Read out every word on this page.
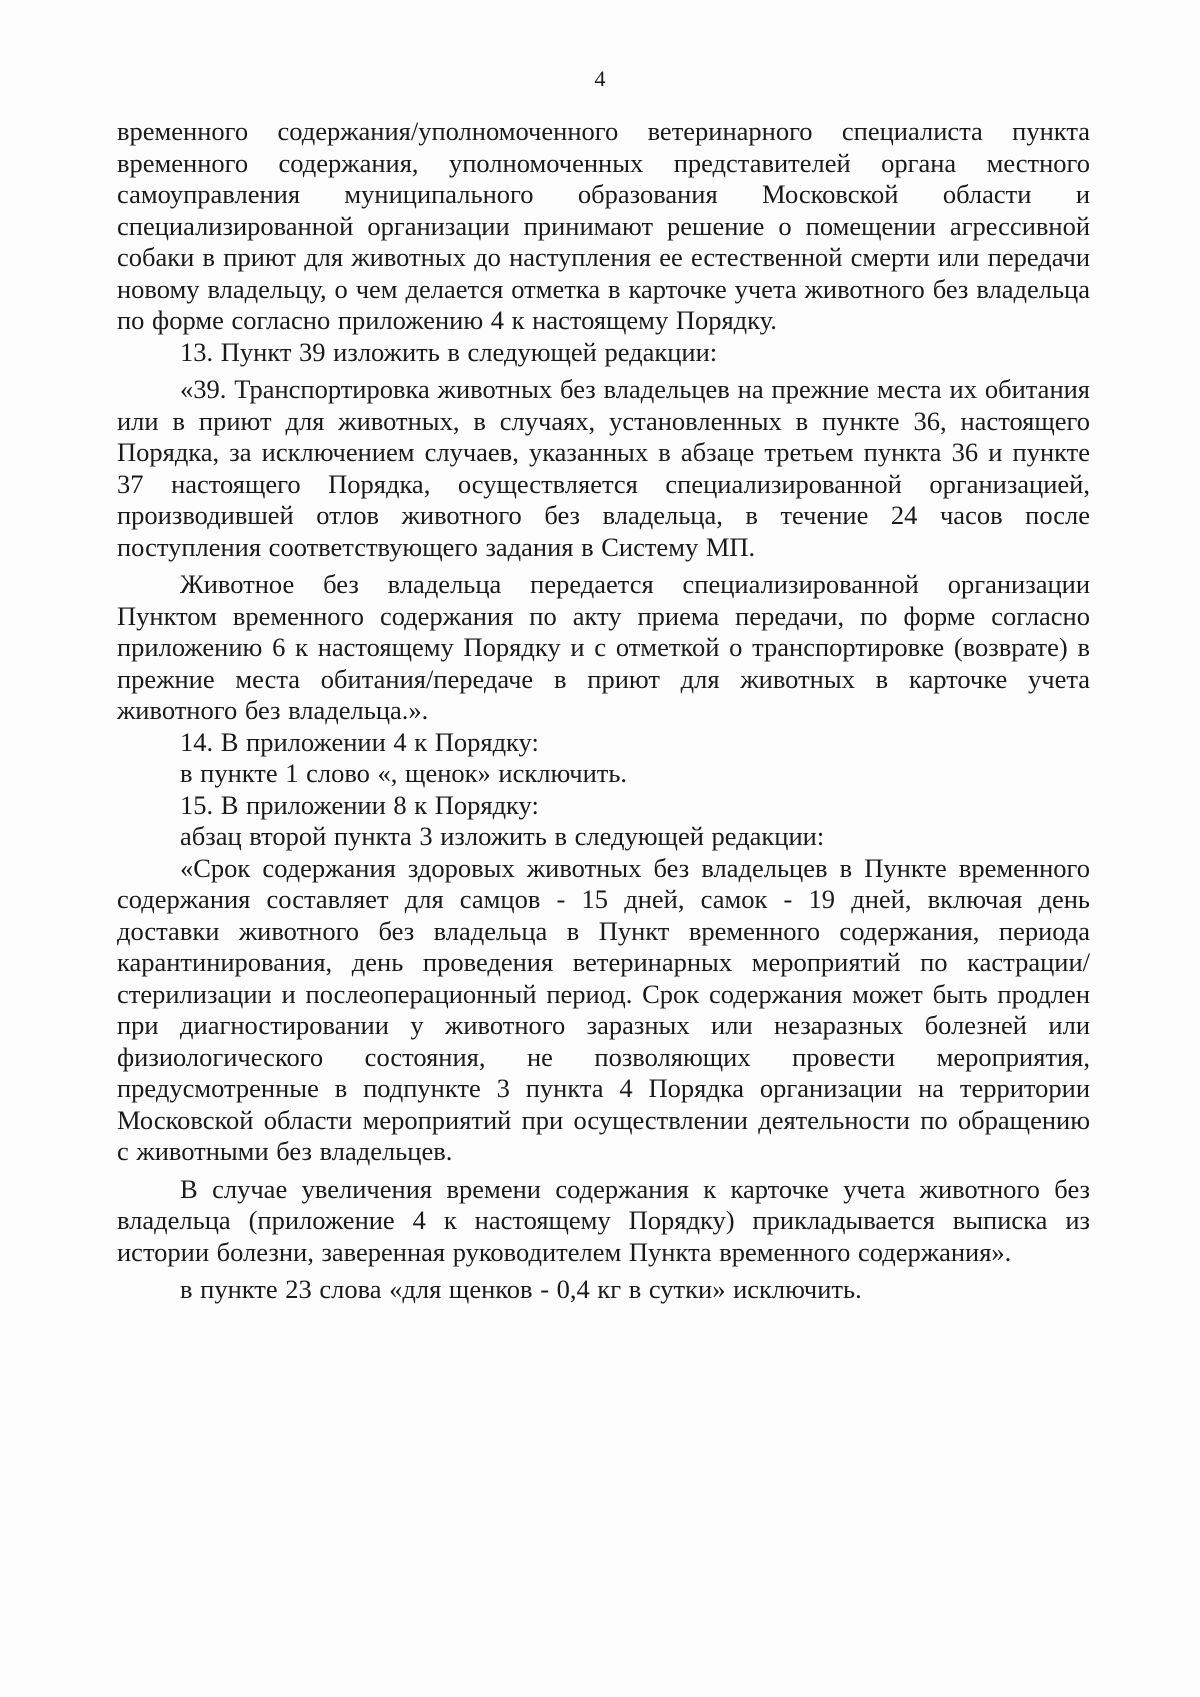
4

временного содержания/уполномоченного ветеринарного специалиста пункта временного содержания, уполномоченных представителей органа местного самоуправления муниципального образования Московской области и специализированной организации принимают решение о помещении агрессивной собаки в приют для животных до наступления ее естественной смерти или передачи новому владельцу, о чем делается отметка в карточке учета животного без владельца по форме согласно приложению 4 к настоящему Порядку.

13. Пункт 39 изложить в следующей редакции:

«39. Транспортировка животных без владельцев на прежние места их обитания или в приют для животных, в случаях, установленных в пункте 36, настоящего Порядка, за исключением случаев, указанных в абзаце третьем пункта 36 и пункте 37 настоящего Порядка, осуществляется специализированной организацией, производившей отлов животного без владельца, в течение 24 часов после поступления соответствующего задания в Систему МП.

Животное без владельца передается специализированной организации Пунктом временного содержания по акту приема передачи, по форме согласно приложению 6 к настоящему Порядку и с отметкой о транспортировке (возврате) в прежние места обитания/передаче в приют для животных в карточке учета животного без владельца.».

14. В приложении 4 к Порядку:

в пункте 1 слово «, щенок» исключить.

15. В приложении 8 к Порядку:

абзац второй пункта 3 изложить в следующей редакции:

«Срок содержания здоровых животных без владельцев в Пункте временного содержания составляет для самцов - 15 дней, самок - 19 дней, включая день доставки животного без владельца в Пункт временного содержания, периода карантинирования, день проведения ветеринарных мероприятий по кастрации/стерилизации и послеоперационный период. Срок содержания может быть продлен при диагностировании у животного заразных или незаразных болезней или физиологического состояния, не позволяющих провести мероприятия, предусмотренные в подпункте 3 пункта 4 Порядка организации на территории Московской области мероприятий при осуществлении деятельности по обращению с животными без владельцев.

В случае увеличения времени содержания к карточке учета животного без владельца (приложение 4 к настоящему Порядку) прикладывается выписка из истории болезни, заверенная руководителем Пункта временного содержания».

в пункте 23 слова «для щенков - 0,4 кг в сутки» исключить.
